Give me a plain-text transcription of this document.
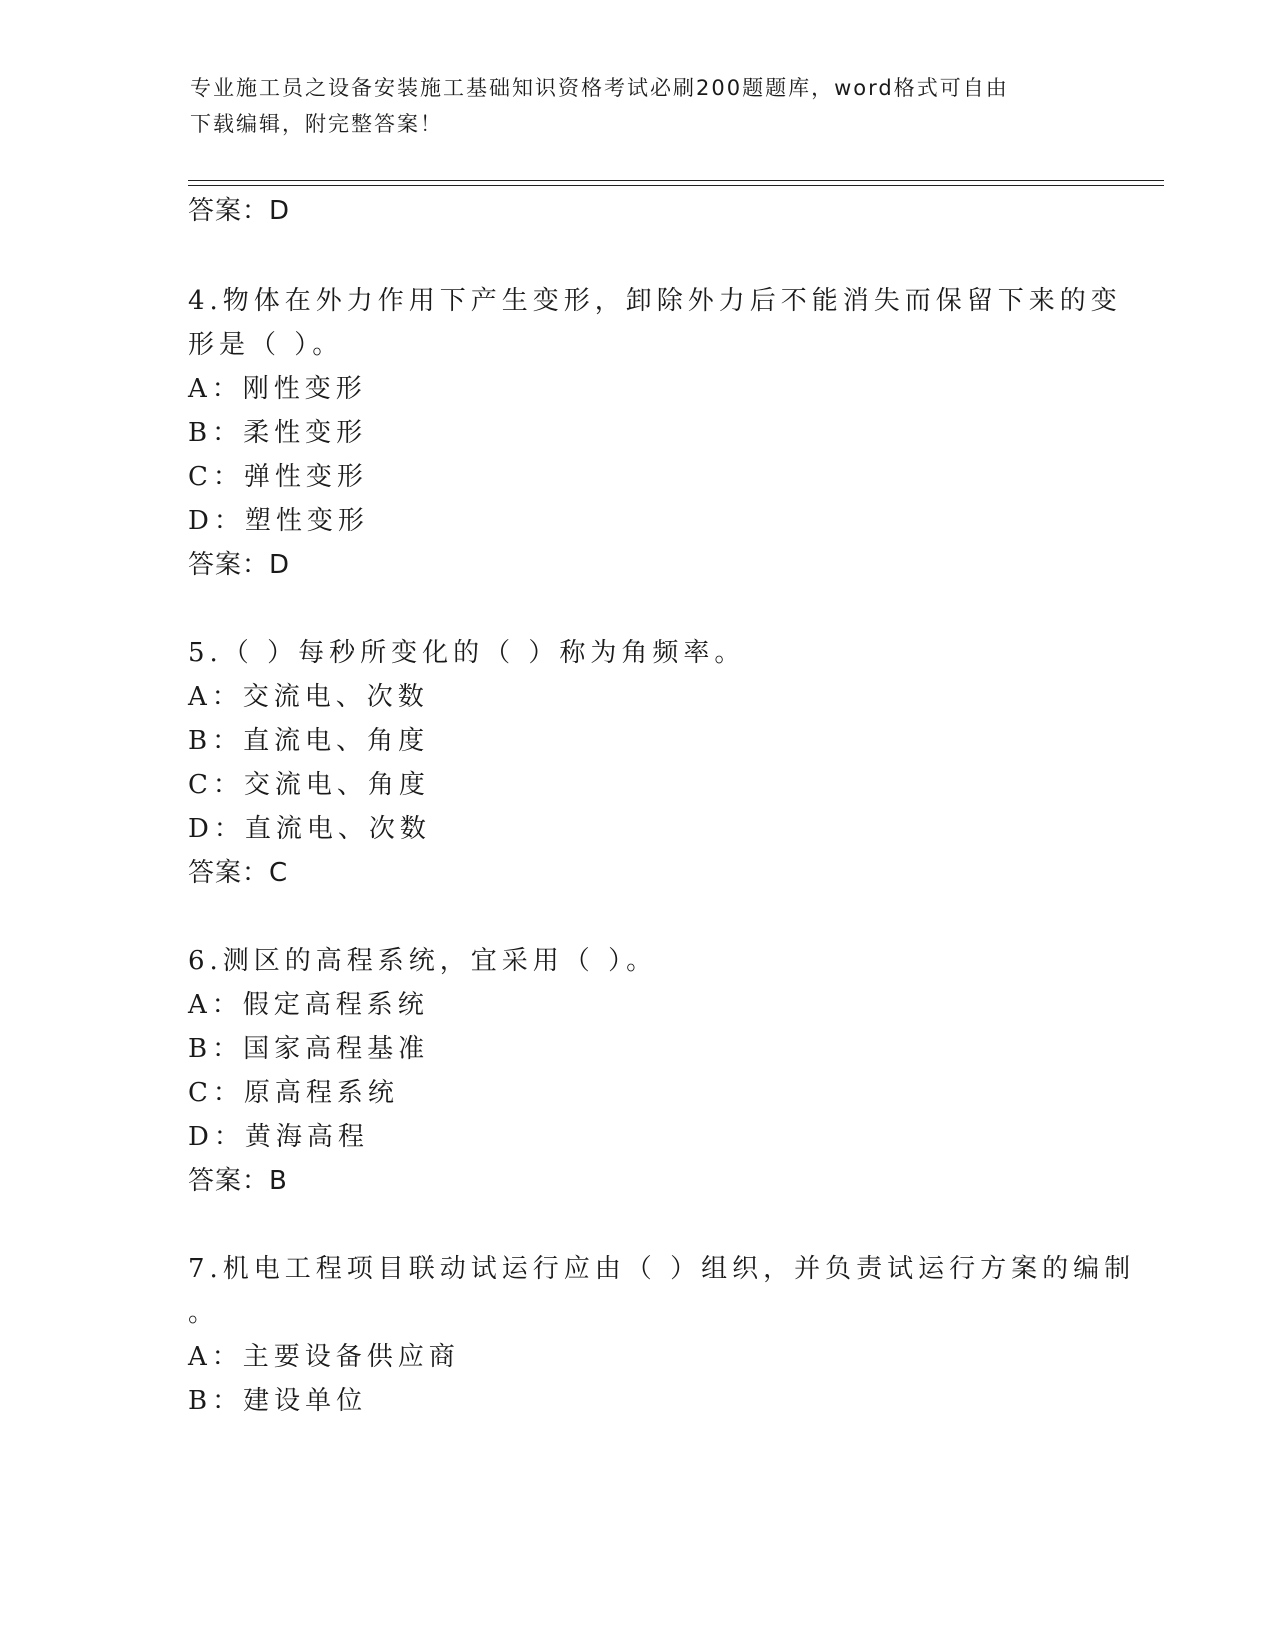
专业施工员之设备安装施工基础知识资格考试必刷200题题库，word格式可自由
下载编辑，附完整答案！
答案：D
4.物体在外力作用下产生变形，卸除外力后不能消失而保留下来的变
形是（ ）。
A：刚性变形
B：柔性变形
C：弹性变形
D：塑性变形
答案：D
5.（ ）每秒所变化的（ ）称为角频率。
A：交流电、次数
B：直流电、角度
C：交流电、角度
D：直流电、次数
答案：C
6.测区的高程系统，宜采用（ ）。
A：假定高程系统
B：国家高程基准
C：原高程系统
D：黄海高程
答案：B
7.机电工程项目联动试运行应由（ ）组织，并负责试运行方案的编制
。
A：主要设备供应商
B：建设单位
